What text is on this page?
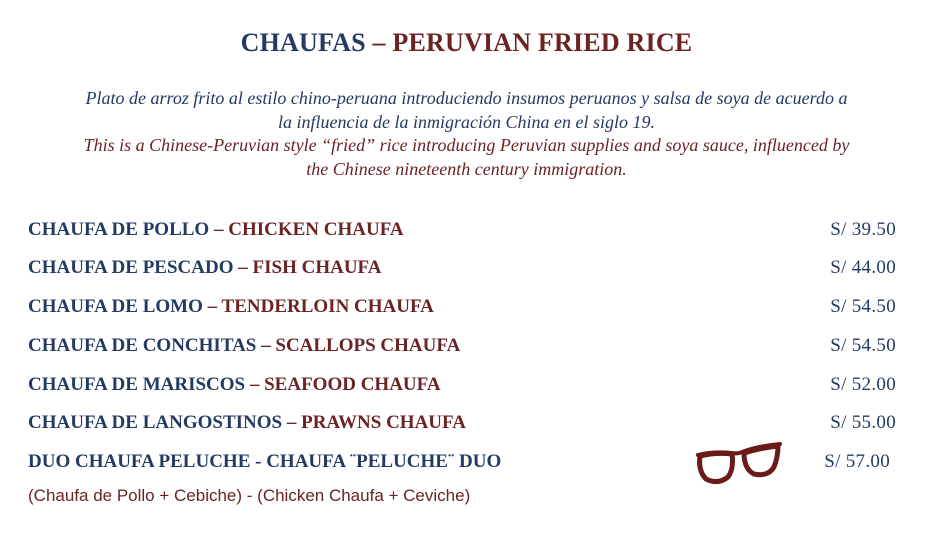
CHAUFAS – PERUVIAN FRIED RICE
Plato de arroz frito al estilo chino-peruana introduciendo insumos peruanos y salsa de soya de acuerdo a
la influencia de la inmigración China en el siglo 19.
This is a Chinese-Peruvian style “fried” rice introducing Peruvian supplies and soya sauce, influenced by
the Chinese nineteenth century immigration.
CHAUFA DE POLLO – CHICKEN CHAUFA	S/ 39.50
CHAUFA DE PESCADO – FISH CHAUFA	S/ 44.00
CHAUFA DE LOMO – TENDERLOIN CHAUFA	S/ 54.50
CHAUFA DE CONCHITAS – SCALLOPS CHAUFA	S/ 54.50
CHAUFA DE MARISCOS – SEAFOOD CHAUFA	S/ 52.00
CHAUFA DE LANGOSTINOS – PRAWNS CHAUFA	S/ 55.00
DUO CHAUFA PELUCHE - CHAUFA ¨PELUCHE¨ DUO	S/ 57.00
(Chaufa de Pollo + Cebiche) - (Chicken Chaufa + Ceviche)
